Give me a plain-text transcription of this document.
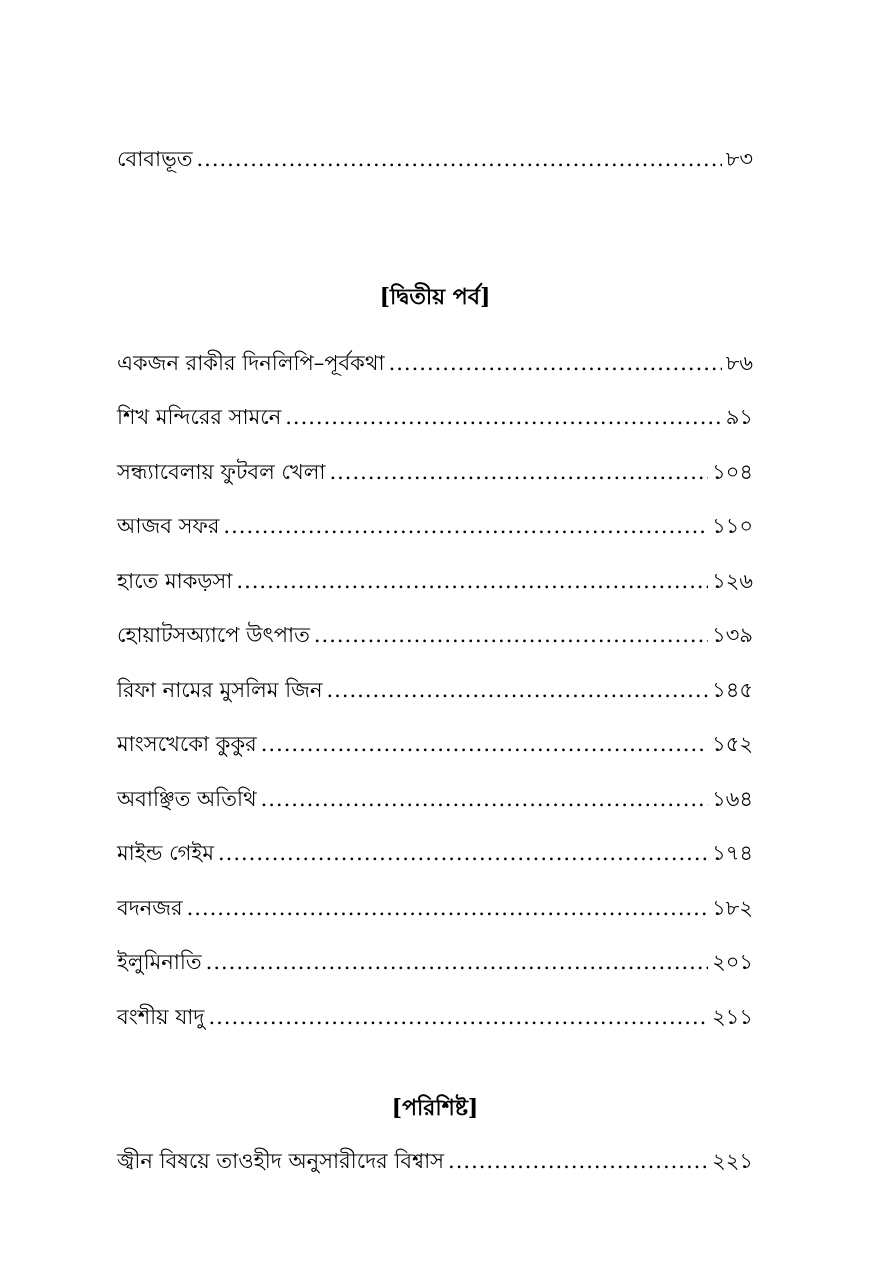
বোবাভূত .....	৮৩
[দ্বিতীয় পর্ব]
একজন রাকীর দিনলিপি–পূর্বকথা .....	৮৬
শিখ মন্দিরের সামনে .....	৯১
সন্ধ্যাবেলায় ফুটবল খেলা .....	১০৪
আজব সফর .....	১১০
হাতে মাকড়সা .....	১২৬
হোয়াটসঅ্যাপে উৎপাত .....	১৩৯
রিফা নামের মুসলিম জিন .....	১৪৫
মাংসখেকো কুকুর .....	১৫২
অবাঞ্ছিত অতিথি .....	১৬৪
মাইন্ড গেইম .....	১৭৪
বদনজর .....	১৮২
ইলুমিনাতি .....	২০১
বংশীয় যাদু .....	২১১
[পরিশিষ্ট]
জ্বীন বিষয়ে তাওহীদ অনুসারীদের বিশ্বাস .....	২২১
